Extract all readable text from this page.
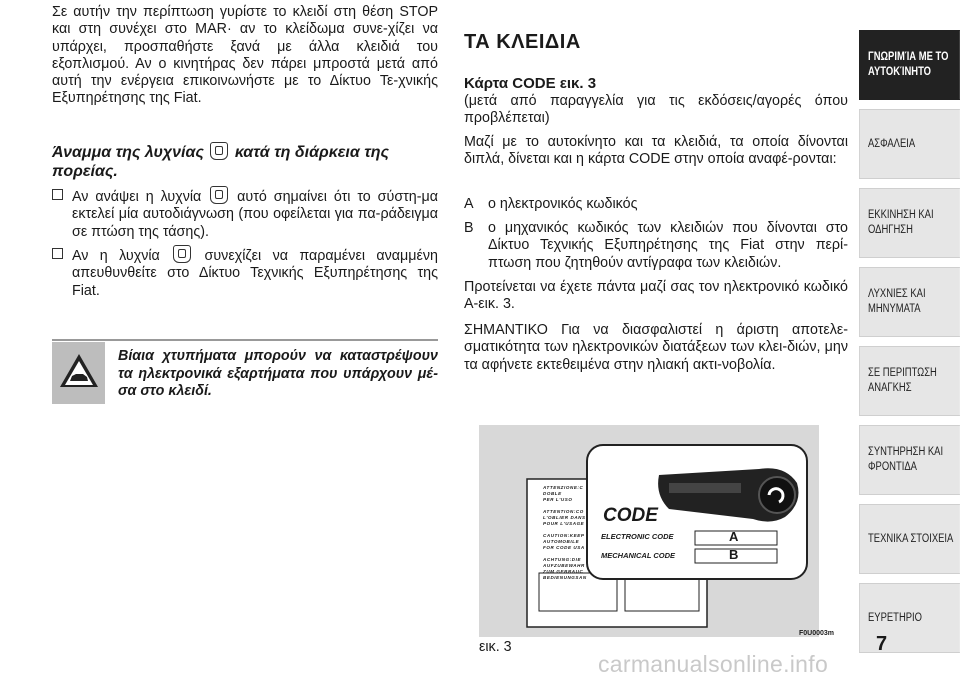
Σε αυτήν την περίπτωση γυρίστε το κλειδί στη θέση STOP και στη συνέχει στο MAR· αν το κλείδωμα συνε-χίζει να υπάρχει, προσπαθήστε ξανά με άλλα κλειδιά του εξοπλισμού. Αν ο κινητήρας δεν πάρει μπροστά μετά από αυτή την ενέργεια επικοινωνήστε με το Δίκτυο Τε-χνικής Εξυπηρέτησης της Fiat.

Άναμμα της λυχνίας κατά τη διάρκεια της πορείας.
Αν ανάψει η λυχνία	αυτό σημαίνει ότι το σύστη-μα εκτελεί μία αυτοδιάγνωση (που οφείλεται για πα-ράδειγμα σε πτώση της τάσης).
Αν η λυχνία	συνεχίζει να παραμένει αναμμένη απευθυνθείτε στο Δίκτυο Τεχνικής Εξυπηρέτησης της Fiat.
Βίαια χτυπήματα μπορούν να καταστρέψουν τα ηλεκτρονικά εξαρτήματα που υπάρχουν μέ-σα στο κλειδί.
ΤΑ ΚΛΕΙΔΙΑ
Κάρτα CODE εικ. 3

(μετά από παραγγελία για τις εκδόσεις/αγορές όπου προβλέπεται)

Μαζί με το αυτοκίνητο και τα κλειδιά, τα οποία δίνονται διπλά, δίνεται και η κάρτα CODE στην οποία αναφέ-ρονται:

A ο ηλεκτρονικός κωδικός
B ο μηχανικός κωδικός των κλειδιών που δίνονται στο Δίκτυο Τεχνικής Εξυπηρέτησης της Fiat στην περί-πτωση που ζητηθούν αντίγραφα των κλειδιών.

Προτείνεται να έχετε πάντα μαζί σας τον ηλεκτρονικό κωδικό A-εικ. 3.

ΣΗΜΑΝΤΙΚΟ Για να διασφαλιστεί η άριστη αποτελε-σματικότητα των ηλεκτρονικών διατάξεων των κλει-διών, μην τα αφήνετε εκτεθειμένα στην ηλιακή ακτι-νοβολία.

ATTENZIONE:C
DOBLE
PER L'USO
ATTENTION:CO
L'OBLIER DANS
POUR L'USAGE
CAUTION:KEEP
AUTOMOBILE
FOR CODE USA
ACHTUNG:DIE
AUFZUBEWAHR
ZUM GEBRAUC
BEDIENUNGSAN
CODE
ELECTRONIC CODE	A
MECHANICAL CODE	B
F0U0003m
εικ. 3
ΓΝΩΡΙΜΊΑ ΜΕ ΤΟ
ΑΥΤΟΚΊΝΗΤΟ
ΑΣΦΑΛΕΙΑ
ΕΚΚΙΝΗΣΗ ΚΑΙ
ΟΔΗΓΗΣΗ
ΛΥΧΝΙΕΣ ΚΑΙ
ΜΗΝΥΜΑΤΑ
ΣΕ ΠΕΡΙΠΤΩΣΗ
ΑΝΑΓΚΗΣ
ΣΥΝΤΗΡΗΣΗ ΚΑΙ
ΦΡΟΝΤΙΔΑ
ΤΕΧΝΙΚΑ ΣΤΟΙΧΕΙΑ
ΕΥΡΕΤΗΡΙΟ
7
carmanualsonline.info
